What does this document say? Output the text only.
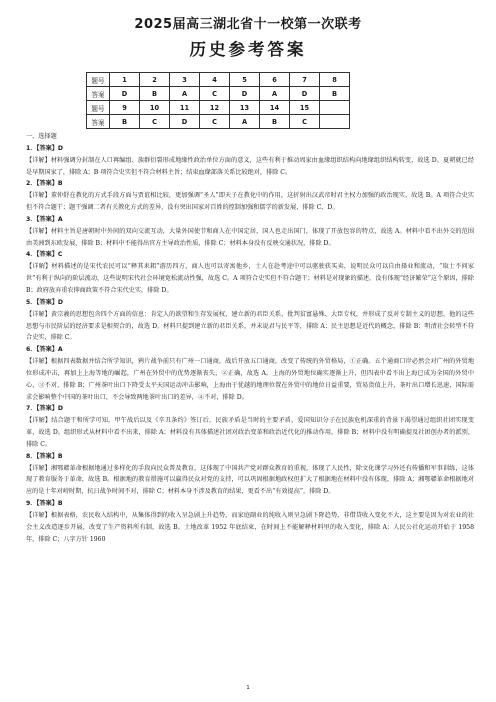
2025届高三湖北省十一校第一次联考
历史参考答案
题号	1	2	3	4	5	6	7	8
答案	D	B	A	C	D	A	D	B
题号	9	10	11	12	13	14	15	
答案	B	C	D	C	A	B	C	
一、选择题
1．【答案】D
【详解】材料强调分封制在人口再编组、族群衍裂形成地缘性政治单位方面的意义，这些有利于推动周家由血缘组织结构向地缘组织结构转变，故选 D。夏朝就已经是早期国家了，排除 A；B 项符合史实但不符合材料主旨；结束血缘部落关系比较绝对，排除 C。
2．【答案】B
【详解】董仲舒在教化的方式手段方面与贾谊相比较，更加强调“圣人”即天子在教化中的作用，这折射出汉武帝时君主权力加强的政治现实，故选 B。A 项符合史实但不符合题干；题干强调二者有关教化方式的差异，没有突出国家对百姓的控制加强和儒学的新发展，排除 C、D。
3．【答案】A
【详解】材料主旨是唐朝时中外间的双向交流互动，大量外国使节和商人在中国定居，国人也走出国门，体现了开放包容的特点，故选 A。材料中看不出外交的范围由美洲到东欧发展，排除 B；材料中不能得出官方主导政治性质，排除 C；材料本身没有反映交通状况，排除 D。
4．【答案】C
【详解】材料描述的是宋代农民可以“释其耒耜”游历四方，商人也可以寄寓他乡，士人在赴考途中可以驱驶获买卖，说明民众可以自由择业和流动，“取士不问家世”有利于纵向的阶层流动，这些说明宋代社会环境宽松流动性强，故选 C。A 项符合史实但不符合题干；材料是对现象的描述，没有体现“经济繁荣”这个原因，排除 B；政府放弃重农抑商政策不符合宋代史实，排除 D。
5．【答案】D
【详解】黄宗羲的思想包含四个方面的信息：肯定人的欲望和生存发展权，建立新的君臣关系，批判贫富悬殊、大臣专权，并形成了反对专制主义的思想，他的这些思想与市民阶层的经济要求是相契合的，故选 D。材料只提到建立新的君臣关系，并未说君与民平等，排除 A；民主思想是近代的概念，排除 B；明清社会转型不符合史实，排除 C。
6．【答案】A
【详解】根据四表数据并结合所学知识，鸦片战争前只有广州一口通商，战后开放五口通商，改变了传统的外贸格局，①正确。五个通商口岸必然会对广州的外贸地位形成冲击，再加上上海等地的崛起，广州在外贸中的优势逐渐丧失，②正确，故选 A。上海的外贸地位确实逐渐上升，但四表中看不出上海已成为全国的外贸中心，③不对，排除 B；广州茶叶出口下降受太平天国运动冲击影响，上海由于优越的地理位置在外贸中的地位日益重要，贸易货值上升，茶叶出口增长迅速，国际需求会影响整个中国的茶叶出口，不会导致两地茶叶出口的差异，④不对，排除 D。
7．【答案】D
【详解】结合题干和所学可知，甲午战后以及《辛丑条约》签订后，民族矛盾是当时的主要矛盾，爱国知识分子在民族危机深重的背景下渴望通过组织社团实现变革，故选 D。组织形式从材料中看不出来，排除 A；材料没有具体描述社团对政治变革和政治近代化的推动作用，排除 B；材料中没有明确提及社团创办者的派别，排除 C。
8．【答案】B
【详解】湘鄂赣革命根据地通过多样化的手段向民众普及教育，这体现了中国共产党对群众教育的重视，体现了人民性，除文化课学习外还有传播和军事训练，这体现了教育服务于革命，故选 B。根据地的教育措施可以赢得民众对党的支持，可以巩固根据地政权但扩大了根据地在材料中没有体现，排除 A；湘鄂赣革命根据地对应的是十年对峙时期，抗日战争时间不对，排除 C；材料本身不涉及教育的结果，更看不出“有效提高”，排除 D。
9．【答案】B
【详解】根据表格，农民收入结构中，从集体得到的收入呈急剧上升趋势，而家庭副业的纯收入则呈急剧下降趋势，非借贷收入变化不大，这主要是因为对农业的社会主义改造逐步开展，改变了生产资料所有制，故选 B。土地改革 1952 年底结束，在时间上不能解释材料里的收入变化，排除 A；人民公社化运动开始于 1958 年，排除 C；八字方针 1960
1
